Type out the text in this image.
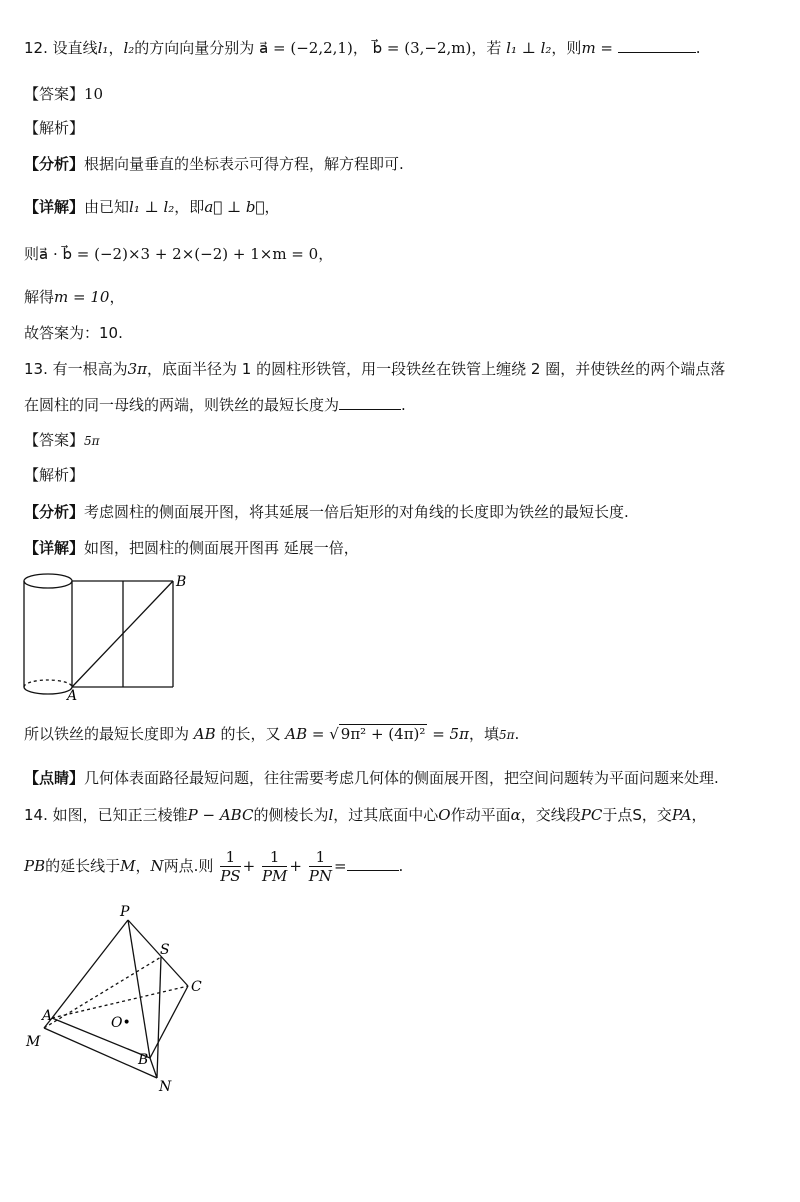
12. 设直线l₁，l₂的方向向量分别为 a⃗ = (−2,2,1)， b⃗ = (3,−2,m)，若 l₁ ⊥ l₂，则m =	.
【答案】10
【解析】
【分析】根据向量垂直的坐标表示可得方程，解方程即可.
【详解】由已知l₁ ⊥ l₂，即a⃗ ⊥ b⃗，
则a⃗ · b⃗ = (−2)×3 + 2×(−2) + 1×m = 0，
解得m = 10，
故答案为：10.
13. 有一根高为3π，底面半径为 1 的圆柱形铁管，用一段铁丝在铁管上缠绕 2 圈，并使铁丝的两个端点落
在圆柱的同一母线的两端，则铁丝的最短长度为	.
【答案】5π
【解析】
【分析】考虑圆柱的侧面展开图，将其延展一倍后矩形的对角线的长度即为铁丝的最短长度.
【详解】如图，把圆柱的侧面展开图再 延展一倍，
B
A
所以铁丝的最短长度即为 AB 的长，又 AB = √ 9π² + (4π)² = 5π，填5π.
【点睛】几何体表面路径最短问题，往往需要考虑几何体的侧面展开图，把空间问题转为平面问题来处理.
14. 如图，已知正三棱锥P − ABC的侧棱长为l，过其底面中心O作动平面α，交线段PC于点S，交PA，
PB的延长线于M，N两点.则 $\frac{1}{PS} + \frac{1}{PM} + \frac{1}{PN}$ =	.
P
S
C
A	O•
M
B
N
